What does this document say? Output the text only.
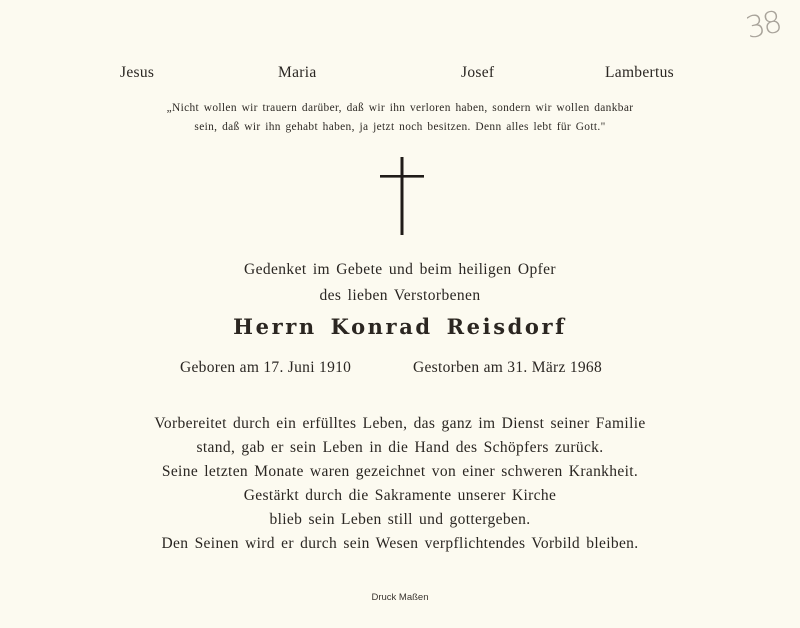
38
Jesus	Maria	Josef	Lambertus
„Nicht wollen wir trauern darüber, daß wir ihn verloren haben, sondern wir wollen dankbar
sein, daß wir ihn gehabt haben, ja jetzt noch besitzen. Denn alles lebt für Gott."
Gedenket im Gebete und beim heiligen Opfer
des lieben Verstorbenen
Herrn Konrad Reisdorf
Geboren am 17. Juni 1910	Gestorben am 31. März 1968
Vorbereitet durch ein erfülltes Leben, das ganz im Dienst seiner Familie
stand, gab er sein Leben in die Hand des Schöpfers zurück.
Seine letzten Monate waren gezeichnet von einer schweren Krankheit.
Gestärkt durch die Sakramente unserer Kirche
blieb sein Leben still und gottergeben.
Den Seinen wird er durch sein Wesen verpflichtendes Vorbild bleiben.
Druck Maßen
